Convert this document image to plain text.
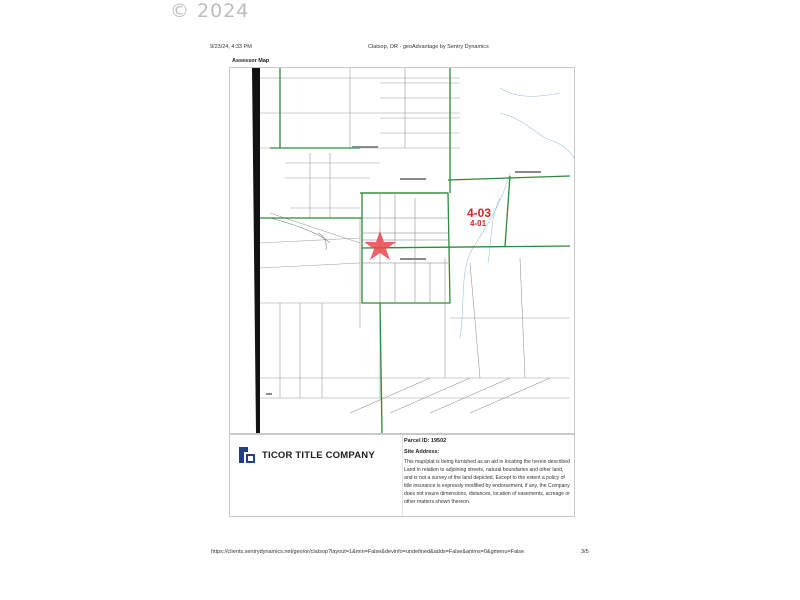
© 2024
9/23/24, 4:33 PM	Clatsop, OR - geoAdvantage by Sentry Dynamics
Assessor Map
4-03
4-01
TICOR TITLE COMPANY
Parcel ID: 19502
Site Address:
This map/plat is being furnished as an aid in locating the herein described Land in relation to adjoining streets, natural boundaries and other land, and is not a survey of the land depicted. Except to the extent a policy of title insurance is expressly modified by endorsement, if any, the Company does not insure dimensions, distances, location of easements, acreage or other matters shown thereon.
https://clients.sentrydynamics.net/geo/or/clatsop?layout=1&min=False&devinfo=undefined&adds=False&anims=0&gmenu=False	3/5
